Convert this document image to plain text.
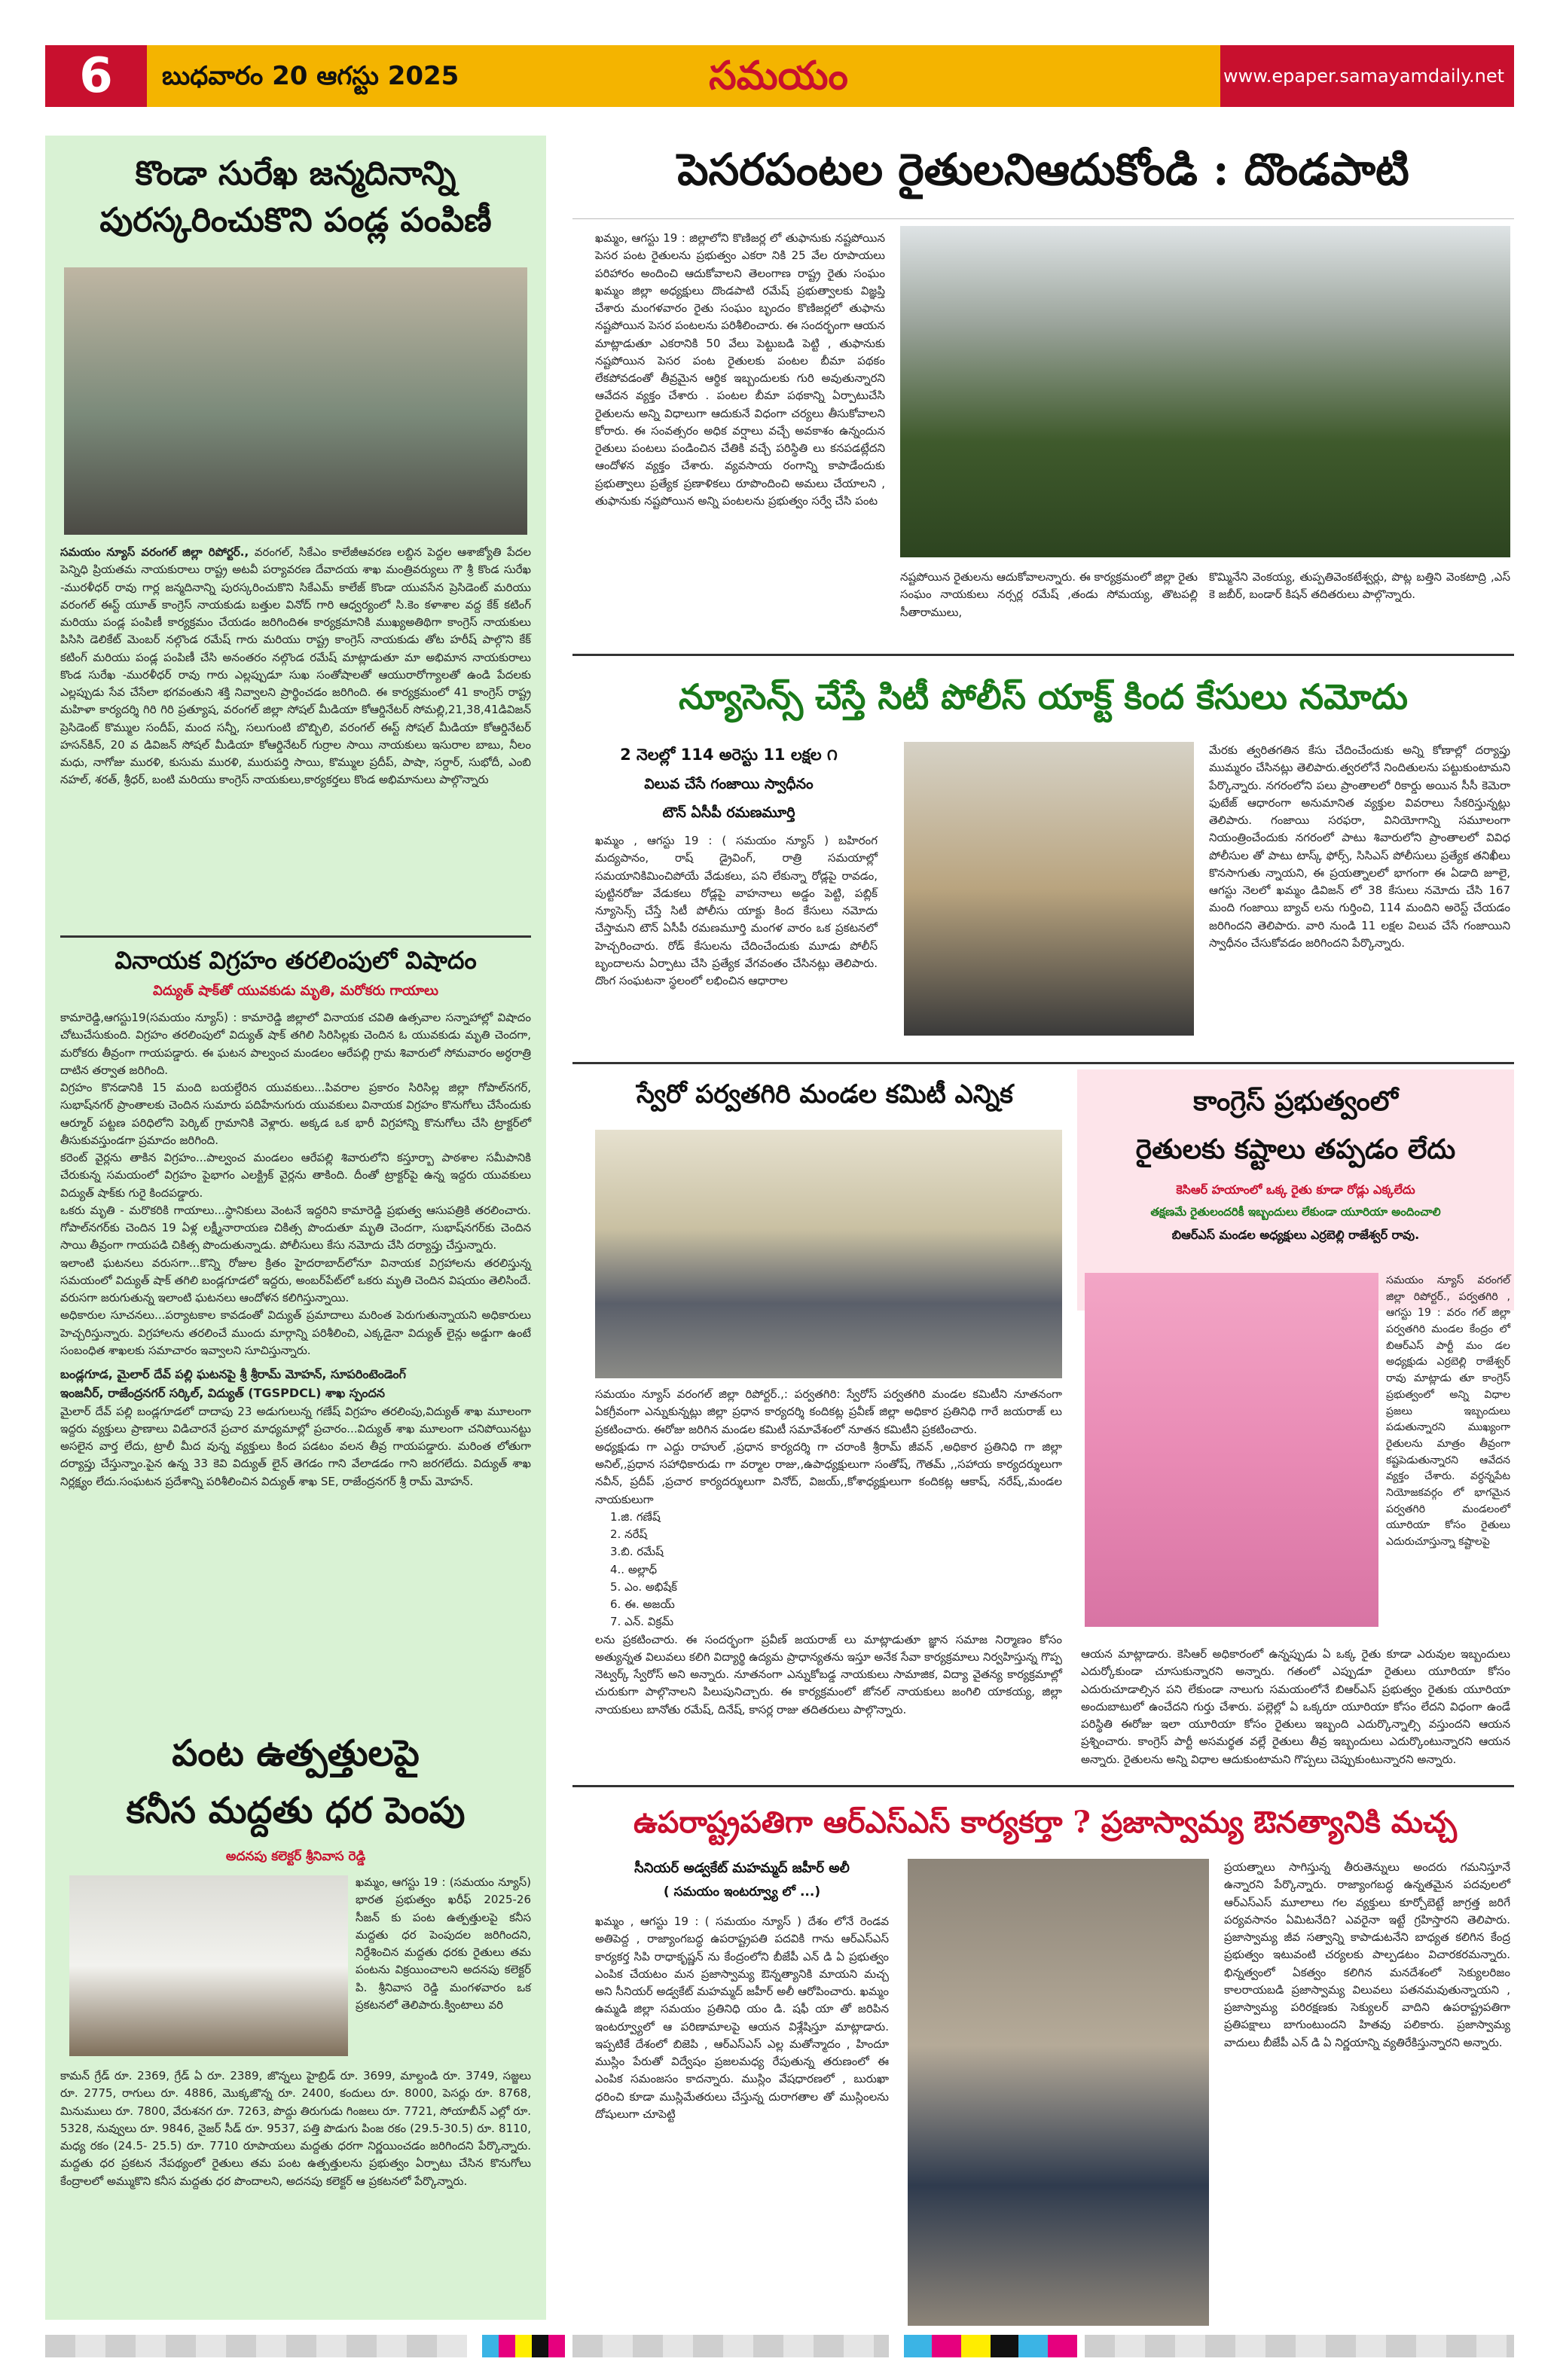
6	బుధవారం 20 ఆగస్టు 2025	సమయం	www.epaper.samayamdaily.net
కొండా సురేఖ జన్మదినాన్ని
పురస్కరించుకొని పండ్ల పంపిణీ
సమయం న్యూస్ వరంగల్ జిల్లా రిపోర్టర్., వరంగల్, సికేఎం కాలేజీఆవరణ లబ్దిన పెద్దల ఆశాజ్యోతి పేదల పెన్నిధి ప్రియతమ నాయకురాలు రాష్ట్ర అటవీ పర్యావరణ దేవాదయ శాఖ మంత్రివర్యులు గౌ శ్రీ కొండ సురేఖ -మురళీధర్ రావు గార్ల జన్మదినాన్ని పురస్కరించుకొని సికేఎమ్ కాలేజ్ కొండా యువసేన ప్రెసిడెంట్ మరియు వరంగల్ ఈస్ట్ యూత్ కాంగ్రెస్ నాయకుడు బత్తుల వినోద్ గారి ఆధ్వర్యంలో సి.కెం కళాశాల వద్ద కేక్ కటింగ్ మరియు పండ్ల పంపిణీ కార్యక్రమం చేయడం జరిగిందిఈ కార్యక్రమానికి ముఖ్యఅతిథిగా కాంగ్రెస్ నాయకులు పిసిసి డెలికేట్ మెంబర్ నల్గొండ రమేష్ గారు మరియు రాష్ట్ర కాంగ్రెస్ నాయకుడు తోట హరీష్ పాల్గొని కేక్ కటింగ్ మరియు పండ్ల పంపిణీ చేసి అనంతరం నల్గొండ రమేష్ మాట్లాడుతూ మా అభిమాన నాయకురాలు కొండ సురేఖ -మురళీధర్ రావు గారు ఎల్లప్పుడూ సుఖ సంతోషాలతో ఆయురారోగ్యాలతో ఉండి పేదలకు ఎల్లప్పుడు సేవ చేసేలా భగవంతుని శక్తి నివ్వాలని ప్రార్థించడం జరిగింది. ఈ కార్యక్రమంలో 41 కాంగ్రెస్ రాష్ట్ర మహిళా కార్యదర్శి గిరి గిరి ప్రత్యూష, వరంగల్ జిల్లా సోషల్ మీడియా కోఆర్డినేటర్ సోమల్లి,21,38,41డివిజన్ ప్రెసిడెంట్ కొమ్ముల సందీప్, మంద సన్నీ, సలుగుంటి బొబ్బిలి, వరంగల్ ఈస్ట్ సోషల్ మీడియా కోఆర్డినేటర్ హసన్‌కిన్, 20 వ డివిజన్ సోషల్ మీడియా కోఆర్డినేటర్ గుర్రాల సాయి నాయకులు ఇసురాల బాబు, నీలం మధు, నాగోజు మురళి, కుసుమ మురళి, మురుపర్తి సాయి, కొమ్ముల ప్రదీప్, పాషా, సర్దార్, సుభోదీ, ఎంబి నహల్, శరత్, శ్రీధర్, బంటి మరియు కాంగ్రెస్ నాయకులు,కార్యకర్తలు కొండ అభిమానులు పాల్గొన్నారు
వినాయక విగ్రహం తరలింపులో విషాదం
విద్యుత్ షాక్‌తో యువకుడు మృతి, మరోకరు గాయాలు
కామారెడ్డి,ఆగస్టు19(సమయం న్యూస్) : కామారెడ్డి జిల్లాలో వినాయక చవితి ఉత్సవాల సన్నాహాల్లో విషాదం చోటుచేసుకుంది. విగ్రహం తరలింపులో విద్యుత్ షాక్ తగిలి సిరిసిల్లకు చెందిన ఓ యువకుడు మృతి చెందగా, మరోకరు తీవ్రంగా గాయపడ్డారు. ఈ ఘటన పాల్వంచ మండలం ఆరేపల్లి గ్రామ శివారులో సోమవారం అర్ధరాత్రి దాటిన తర్వాత జరిగింది.
విగ్రహం కొనడానికి 15 మంది బయల్దేరిన యువకులు...పివరాల ప్రకారం సిరిసిల్ల జిల్లా గోపాల్‌నగర్, సుభాష్‌నగర్ ప్రాంతాలకు చెందిన సుమారు పదిహేనుగురు యువకులు వినాయక విగ్రహం కొనుగోలు చేసేందుకు ఆర్మూర్ పట్టణ పరిధిలోని పెర్కిట్ గ్రామానికి వెళ్లారు. అక్కడ ఒక భారీ విగ్రహాన్ని కొనుగోలు చేసి ట్రాక్టర్‌లో తీసుకువస్తుండగా ప్రమాదం జరిగింది.
కరెంట్ వైర్లను తాకిన విగ్రహం...పాల్వంచ మండలం ఆరేపల్లి శివారులోని కస్తూర్బా పాఠశాల సమీపానికి చేరుకున్న సమయంలో విగ్రహం పైభాగం ఎలక్ట్రిక్ వైర్లను తాకింది. దీంతో ట్రాక్టర్‌పై ఉన్న ఇద్దరు యువకులు విద్యుత్ షాక్‌కు గురై కిందపడ్డారు.
ఒకరు మృతి - మరొకరికి గాయాలు...స్థానికులు వెంటనే ఇద్దరిని కామారెడ్డి ప్రభుత్వ ఆసుపత్రికి తరలించారు. గోపాల్‌నగర్‌కు చెందిన 19 ఏళ్ల లక్ష్మీనారాయణ చికిత్స పొందుతూ మృతి చెందగా, సుభాష్‌నగర్‌కు చెందిన సాయి తీవ్రంగా గాయపడి చికిత్స పొందుతున్నాడు. పోలీసులు కేసు నమోదు చేసి దర్యాప్తు చేస్తున్నారు.
ఇలాంటి ఘటనలు వరుసగా...కొన్ని రోజుల క్రితం హైదరాబాద్‌లోనూ వినాయక విగ్రహాలను తరలిస్తున్న సమయంలో విద్యుత్ షాక్ తగిలి బండ్లగూడలో ఇద్దరు, అంబర్‌పేట్‌లో ఒకరు మృతి చెందిన విషయం తెలిసిందే. వరుసగా జరుగుతున్న ఇలాంటి ఘటనలు ఆందోళన కలిగిస్తున్నాయి.
అధికారుల సూచనలు...పర్యాటకాల కావడంతో విద్యుత్ ప్రమాదాలు మరింత పెరుగుతున్నాయని అధికారులు హెచ్చరిస్తున్నారు. విగ్రహాలను తరలించే ముందు మార్గాన్ని పరిశీలించి, ఎక్కడైనా విద్యుత్ లైన్లు అడ్డుగా ఉంటే సంబంధిత శాఖలకు సమాచారం ఇవ్వాలని సూచిస్తున్నారు.
బండ్లగూడ, మైలార్ దేవ్ పల్లి ఘటనపై శ్రీ శ్రీరామ్ మోహన్, సూపరింటెండెంగ్
ఇంజనీర్, రాజేంద్రనగర్ సర్కిల్, విద్యుత్ (TGSPDCL) శాఖ స్పందన
మైలార్ దేవ్ పల్లి బండ్లగూడలో దాదాపు 23 అడుగులున్న గణేష్ విగ్రహం తరలింపు,విద్యుత్ శాఖ మూలంగా ఇద్దరు వ్యక్తులు ప్రాణాలు విడిచారనే ప్రచార మాధ్యమాల్లో ప్రచారం...విద్యుత్ శాఖ మూలంగా చనిపోయినట్టు అసలైన వార్త లేదు, ట్రాలీ మీద వున్న వ్యక్తులు కింద పడటం వలన తీవ్ర గాయపడ్డారు. మరింత లోతుగా దర్యాప్తు చేస్తున్నాం.పైన ఉన్న 33 కెవి విద్యుత్ లైన్ తెగడం గాని వేలాడడం గాని జరగలేదు. విద్యుత్ శాఖ నిర్లక్ష్యం లేదు.సంఘటన ప్రదేశాన్ని పరిశీలించిన విద్యుత్ శాఖ SE, రాజేంద్రనగర్ శ్రీ రామ్ మోహన్.
పంట ఉత్పత్తులపై
కనీస మద్దతు ధర పెంపు
అదనపు కలెక్టర్ శ్రీనివాస రెడ్డి
ఖమ్మం, ఆగస్టు 19 : (సమయం న్యూస్) భారత ప్రభుత్వం ఖరీఫ్ 2025-26 సీజన్ కు పంట ఉత్పత్తులపై కనీస మద్దతు ధర పెంపుదల జరిగిందని, నిర్దేశించిన మద్దతు ధరకు రైతులు తమ పంటను విక్రయించాలని అదనపు కలెక్టర్ పి. శ్రీనివాస రెడ్డి మంగళవారం ఒక ప్రకటనలో తెలిపారు.క్వింటాలు వరి
కామన్ గ్రేడ్ రూ. 2369, గ్రేడ్ ఏ రూ. 2389, జొన్నలు హైబ్రిడ్ రూ. 3699, మాల్దండి రూ. 3749, సజ్జలు రూ. 2775, రాగులు రూ. 4886, మొక్కజొన్న రూ. 2400, కందులు రూ. 8000, పెసర్లు రూ. 8768, మినుములు రూ. 7800, వేరుశనగ రూ. 7263, పొద్దు తిరుగుడు గింజలు రూ. 7721, సోయాబీన్ ఎల్లో రూ. 5328, నువ్వులు రూ. 9846, నైజర్ సీడ్ రూ. 9537, పత్తి పొడుగు పింజ రకం (29.5-30.5) రూ. 8110, మధ్య రకం (24.5- 25.5) రూ. 7710 రూపాయలు మద్దతు ధరగా నిర్ణయించడం జరిగిందని పేర్కొన్నారు. మద్దతు ధర ప్రకటన నేపథ్యంలో రైతులు తమ పంట ఉత్పత్తులను ప్రభుత్వం ఏర్పాటు చేసిన కొనుగోలు కేంద్రాలలో అమ్ముకొని కనీస మద్దతు ధర పొందాలని, అదనపు కలెక్టర్ ఆ ప్రకటనలో పేర్కొన్నారు.
పెసరపంటల రైతులనిఆదుకోండి : దొండపాటి
ఖమ్మం, ఆగస్టు 19 : జిల్లాలోని కొణిజర్ల లో తుఫానుకు నష్టపోయిన పెసర పంట రైతులను ప్రభుత్వం ఎకరా నికి 25 వేల రూపాయలు పరిహారం అందించి ఆదుకోవాలని తెలంగాణ రాష్ట్ర రైతు సంఘం ఖమ్మం జిల్లా అధ్యక్షులు దొండపాటి రమేష్ ప్రభుత్వాలకు విజ్ఞప్తి చేశారు మంగళవారం రైతు సంఘం బృందం కొణిజర్లలో తుఫాను నష్టపోయిన పెసర పంటలను పరిశీలించారు. ఈ సందర్భంగా ఆయన మాట్లాడుతూ ఎకరానికి 50 వేలు పెట్టుబడి పెట్టి , తుఫానుకు నష్టపోయిన పెసర పంట రైతులకు పంటల బీమా పథకం లేకపోవడంతో తీవ్రమైన ఆర్థిక ఇబ్బందులకు గురి అవుతున్నారని ఆవేదన వ్యక్తం చేశారు . పంటల బీమా పథకాన్ని ఏర్పాటుచేసి రైతులను అన్ని విధాలుగా ఆదుకునే విధంగా చర్యలు తీసుకోవాలని కోరారు. ఈ సంవత్సరం అధిక వర్షాలు వచ్చే అవకాశం ఉన్నందున రైతులు పంటలు పండించిన చేతికి వచ్చే పరిస్థితి లు కనపడట్లేదని ఆందోళన వ్యక్తం చేశారు. వ్యవసాయ రంగాన్ని కాపాడేందుకు ప్రభుత్వాలు ప్రత్యేక ప్రణాళికలు రూపొందించి అమలు చేయాలని , తుఫానుకు నష్టపోయిన అన్ని పంటలను ప్రభుత్వం సర్వే చేసి పంట
నష్టపోయిన రైతులను ఆదుకోవాలన్నారు. ఈ కార్యక్రమంలో జిల్లా రైతు సంఘం నాయకులు నర్సర్ల రమేష్ ,తండు సోమయ్య, తొటపల్లి సీతారాములు,
కొమ్మినేని వెంకయ్య, తుప్పతివెంకటేశ్వర్లు, పొట్ల బత్తిని వెంకటాద్రి ,ఎస్ కె జబీర్, బండార్ కిషన్ తదితరులు పాల్గొన్నారు.
న్యూసెన్స్ చేస్తే సిటీ పోలీస్ యాక్ట్ కింద కేసులు నమోదు
2 నెలల్లో 114 అరెస్టు 11 లక్షల ౧
విలువ చేసే గంజాయి స్వాధీనం
టౌన్ ఏసీపీ రమణమూర్తి
ఖమ్మం , ఆగస్టు 19 : ( సమయం న్యూస్ ) బహిరంగ మద్యపానం, రాష్ డ్రైవింగ్, రాత్రి సమయాల్లో సమయానికిమించిపోయే వేడుకలు, పని లేకున్నా రోడ్లపై రావడం, పుట్టినరోజు వేడుకలు రోడ్లపై వాహనాలు అడ్డం పెట్టి, పబ్లిక్ న్యూసెన్స్ చేస్తే సిటీ పోలీసు యాక్టు కింద కేసులు నమోదు చేస్తామని టౌన్ ఏసీపీ రమణమూర్తి మంగళ వారం ఒక ప్రకటనలో హెచ్చరించారు. రోడ్ కేసులను చేదించేందుకు మూడు పోలీస్ బృందాలను ఏర్పాటు చేసి ప్రత్యేక వేగవంతం చేసినట్లు తెలిపారు. దొంగ సంఘటనా స్థలంలో లభించిన ఆధారాల
మేరకు త్వరితగతిన కేసు చేదించేందుకు అన్ని కోణాల్లో దర్యాప్తు ముమ్మరం చేసినట్లు తెలిపారు.త్వరలోనే నిందితులను పట్టుకుంటామని పేర్కొన్నారు. నగరంలోని పలు ప్రాంతాలలో రికార్డు అయిన సీసీ కెమెరా ఫుటేజ్ ఆధారంగా అనుమానిత వ్యక్తుల వివరాలు సేకరిస్తున్నట్లు తెలిపారు. గంజాయి సరఫరా, వినియోగాన్ని సమూలంగా నియంత్రించేందుకు నగరంలో పాటు శివారులోని ప్రాంతాలలో వివిధ పోలీసుల తో పాటు టాస్క్ ఫోర్స్, సిసిఎస్ పోలీసులు ప్రత్యేక తనిఖీలు కొనసాగుతు న్నాయని, ఈ ప్రయత్నాలలో భాగంగా ఈ ఏడాది జూలై, ఆగస్టు నెలలో ఖమ్మం డివిజన్ లో 38 కేసులు నమోదు చేసి 167 మంది గంజాయి బ్యాచ్ లను గుర్తించి, 114 మందిని అరెస్ట్ చేయడం జరిగిందని తెలిపారు. వారి నుండి 11 లక్షల విలువ చేసే గంజాయిని స్వాధీనం చేసుకోవడం జరిగిందని పేర్కొన్నారు.
స్వేరో పర్వతగిరి మండల కమిటీ ఎన్నిక
సమయం న్యూస్ వరంగల్ జిల్లా రిపోర్టర్.,: పర్వతగిరి: స్వేరోస్ పర్వతగిరి మండల కమిటీని నూతనంగా ఏకగ్రీవంగా ఎన్నుకున్నట్లు జిల్లా ప్రధాన కార్యదర్శి కందికట్ల ప్రవీణ్ జిల్లా అధికార ప్రతినిధి గారే జయరాజ్ లు ప్రకటించారు. ఈరోజు జరిగిన మండల కమిటీ సమావేశంలో నూతన కమిటీని ప్రకటించారు.
అధ్యక్షుడు గా ఎద్దు రాహుల్ ,ప్రధాన కార్యదర్శి గా చరాంకి శ్రీరామ్ జీవన్ ,అధికార ప్రతినిధి గా జిల్లా అనిల్,,ప్రధాన సహాధికారుడు గా వర్మాల రాజు,,ఉపాధ్యక్షులుగా సంతోష్, గౌతమ్ ,,సహాయ కార్యదర్శులుగా నవీన్, ప్రదీప్ ,ప్రచార కార్యదర్శులుగా వినోద్, విజయ్,,కోశాధ్యక్షులుగా కందికట్ల ఆకాష్, నరేష్,,మండల నాయకులుగా
1.జి. గణేష్
2. నరేష్
3.బి. రమేష్
4.. అల్లాధ్
5. ఎం. అభిషేక్
6. ఈ. అజయ్
7. ఎన్. విక్రమ్
లను ప్రకటించారు. ఈ సందర్భంగా ప్రవీణ్ జయరాజ్ లు మాట్లాడుతూ జ్ఞాన సమాజ నిర్మాణం కోసం అత్యున్నత విలువలు కలిగి విద్యార్థి ఉద్యమ ప్రాధాన్యతను ఇస్తూ అనేక సేవా కార్యక్రమాలు నిర్వహిస్తున్న గొప్ప నెట్వర్క్ స్వేరోస్ అని అన్నారు. నూతనంగా ఎన్నుకోబడ్డ నాయకులు సామాజిక, విద్యా వైతన్య కార్యక్రమాల్లో చురుకుగా పాల్గొనాలని పిలుపునిచ్చారు. ఈ కార్యక్రమంలో జోనల్ నాయకులు జంగిలి యాకయ్య, జిల్లా నాయకులు బానోతు రమేష్, దినేష్, కాసర్ల రాజు తదితరులు పాల్గొన్నారు.
కాంగ్రెస్ ప్రభుత్వంలో
రైతులకు కష్టాలు తప్పడం లేదు
కెసిఆర్ హయాంలో ఒక్క రైతు కూడా రోడ్లు ఎక్కలేదు
తక్షణమే రైతులందరికీ ఇబ్బందులు లేకుండా యూరియా అందించాలి
బిఆర్ఎస్ మండల అధ్యక్షులు ఎర్రబెల్లి రాజేశ్వర్ రావు.
సమయం న్యూస్ వరంగల్ జిల్లా రిపోర్టర్., పర్వతగిరి , ఆగస్టు 19 : వరం గల్ జిల్లా పర్వతగిరి మండల కేంద్రం లో బిఆర్ఎస్ పార్టీ మం డల అధ్యక్షుడు ఎర్రబెల్లి రాజేశ్వర్ రావు మాట్లాడు తూ కాంగ్రెస్ ప్రభుత్వంలో అన్ని విధాల ప్రజలు ఇబ్బందులు పడుతున్నారని ముఖ్యంగా రైతులను మాత్రం తీవ్రంగా కష్టపెడుతున్నారని ఆవేదన వ్యక్తం చేశారు. వర్ధన్నపేట నియోజకవర్గం లో భాగమైన పర్వతగిరి మండలంలో యూరియా కోసం రైతులు ఎదురుచూస్తున్నా కష్టాలపై
ఆయన మాట్లాడారు. కెసిఆర్ అధికారంలో ఉన్నప్పుడు ఏ ఒక్క రైతు కూడా ఎరువుల ఇబ్బందులు ఎదుర్కోకుండా చూసుకున్నారని అన్నారు. గతంలో ఎప్పుడూ రైతులు యూరియా కోసం ఎదురుచూడాల్సిన పని లేకుండా నాలుగు సమయంలోనే బిఆర్ఎస్ ప్రభుత్వం రైతుకు యూరియా అందుబాటులో ఉంచేదని గుర్తు చేశారు. పల్లెల్లో ఏ ఒక్కరూ యూరియా కోసం లేదని విధంగా ఉండే పరిస్థితి ఈరోజు ఇలా యూరియా కోసం రైతులు ఇబ్బంది ఎదుర్కొన్నాల్సి వస్తుందని ఆయన ప్రశ్నించారు. కాంగ్రెస్ పార్టీ అసమర్థత వల్లే రైతులు తీవ్ర ఇబ్బందులు ఎదుర్కొంటున్నారని ఆయన అన్నారు. రైతులను అన్ని విధాల ఆదుకుంటామని గొప్పలు చెప్పుకుంటున్నారని అన్నారు.
ఉపరాష్ట్రపతిగా ఆర్ఎస్ఎస్ కార్యకర్తా ? ప్రజాస్వామ్య ఔనత్యానికి మచ్చ
సీనియర్ అడ్వకేట్ మహమ్మద్ జహీర్ అలీ
( సమయం ఇంటర్వ్యూ లో ...)
ఖమ్మం , ఆగస్టు 19 : ( సమయం న్యూస్ ) దేశం లోనే రెండవ అతిపెద్ద , రాజ్యాంగబద్ధ ఉపరాష్ట్రపతి పదవికి గాను ఆర్ఎస్ఎస్ కార్యకర్త సిపి రాధాకృష్ణన్ ను కేంద్రంలోని బీజేపీ ఎన్ డి ఏ ప్రభుత్వం ఎంపిక చేయటం మన ప్రజాస్వామ్య ఔన్నత్యానికి మాయని మచ్చ అని సీనియర్ అడ్వకేట్ మహమ్మద్ జహీర్ అలీ ఆరోపించారు. ఖమ్మం ఉమ్మడి జిల్లా సమయం ప్రతినిధి యం డి. షఫీ యా తో జరిపిన ఇంటర్వ్యూలో ఆ పరిణామాలపై ఆయన విశ్లేషిస్తూ మాట్లాడారు. ఇప్పటికే దేశంలో బిజెపి , ఆర్ఎస్ఎస్ ఎల్ల మతోన్మాదం , హిందూ ముస్లిం పేరుతో విద్వేషం ప్రజలమధ్య రేపుతున్న తరుణంలో ఈ ఎంపిక సమంజసం కాదన్నారు. ముస్లిం వేషధారణలో , బురుఖా ధరించి కూడా ముస్లిమేతరులు చేస్తున్న దురాగతాల తో ముస్లింలను దోషులుగా చూపెట్టి
ప్రయత్నాలు సాగిస్తున్న తీరుతెన్నులు అందరు గమనిస్తూనే ఉన్నారని పేర్కొన్నారు. రాజ్యాంగబద్ధ ఉన్నతమైన పదవులలో ఆర్ఎస్ఎస్ మూలాలు గల వ్యక్తులు కూర్చోబెట్టే జాగ్రత్త జరిగే పర్యవసానం ఏమిటనేది? ఎవరైనా ఇట్టే గ్రహిస్తారని తెలిపారు. ప్రజాస్వామ్య జీవ సత్వాన్ని కాపాడుటనేని బాధ్యత కలిగిన కేంద్ర ప్రభుత్వం ఇటువంటి చర్యలకు పాల్పడటం విచారకరమన్నారు. భిన్నత్వంలో ఏకత్వం కలిగిన మనదేశంలో సెక్యులరిజం కాలరాయబడి ప్రజాస్వామ్య విలువలు పతనమవుతున్నాయని , ప్రజాస్వామ్య పరిరక్షణకు సెక్యులర్ వాదిని ఉపరాష్ట్రపతిగా ప్రతిపక్షాలు బాగుంటుందని హితవు పలికారు. ప్రజాస్వామ్య వాదులు బీజేపీ ఎన్ డి ఏ నిర్ణయాన్ని వ్యతిరేకిస్తున్నారని అన్నారు.
